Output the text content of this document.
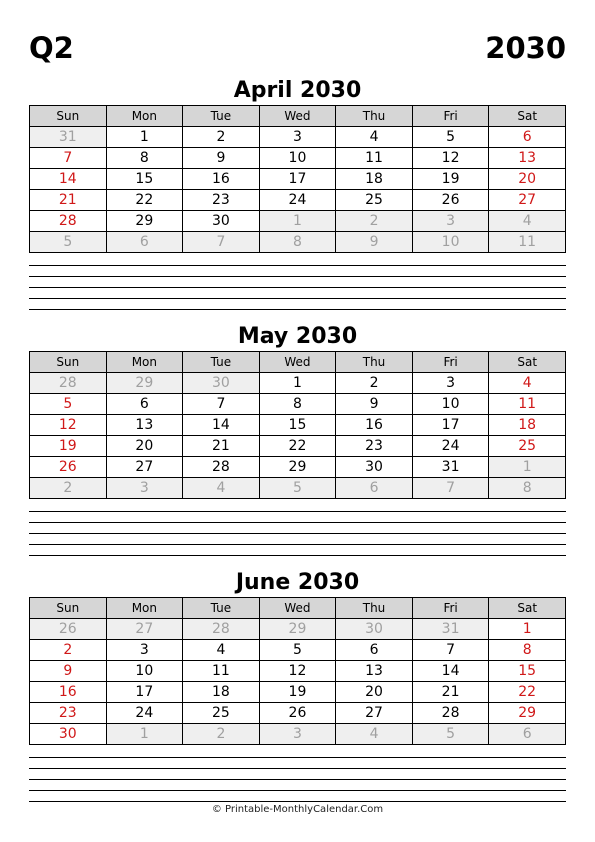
Q2	2030
April 2030
Sun	Mon	Tue	Wed	Thu	Fri	Sat
31	1	2	3	4	5	6
7	8	9	10	11	12	13
14	15	16	17	18	19	20
21	22	23	24	25	26	27
28	29	30	1	2	3	4
5	6	7	8	9	10	11
May 2030
Sun	Mon	Tue	Wed	Thu	Fri	Sat
28	29	30	1	2	3	4
5	6	7	8	9	10	11
12	13	14	15	16	17	18
19	20	21	22	23	24	25
26	27	28	29	30	31	1
2	3	4	5	6	7	8
June 2030
Sun	Mon	Tue	Wed	Thu	Fri	Sat
26	27	28	29	30	31	1
2	3	4	5	6	7	8
9	10	11	12	13	14	15
16	17	18	19	20	21	22
23	24	25	26	27	28	29
30	1	2	3	4	5	6
© Printable-MonthlyCalendar.Com
